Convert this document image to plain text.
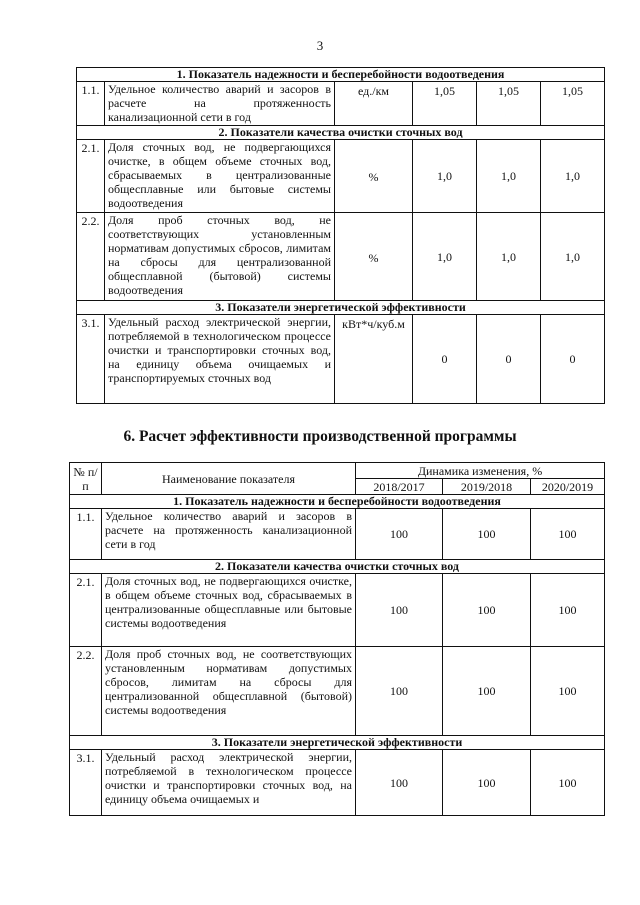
3
1. Показатель надежности и бесперебойности водоотведения					
1.1.	Удельное количество аварий и засоров в расчете на протяженность канализационной сети в год	ед./км	1,05	1,05	1,05
2. Показатели качества очистки сточных вод					
2.1.	Доля сточных вод, не подвергающихся очистке, в общем объеме сточных вод, сбрасываемых в централизованные общесплавные или бытовые системы водоотведения	%	1,0	1,0	1,0
2.2.	Доля проб сточных вод, не соответствующих установленным нормативам допустимых сбросов, лимитам на сбросы для централизованной общесплавной (бытовой) системы водоотведения	%	1,0	1,0	1,0
3. Показатели энергетической эффективности					
3.1.	Удельный расход электрической энергии, потребляемой в технологическом процессе очистки и транспортировки сточных вод, на единицу объема очищаемых и транспортируемых сточных вод	кВт*ч/куб.м	0	0	0
6. Расчет эффективности производственной программы
№ п/п	Наименование показателя	Динамика изменения, %		
		2018/2017	2019/2018	2020/2019
1. Показатель надежности и бесперебойности водоотведения				
1.1.	Удельное количество аварий и засоров в расчете на протяженность канализационной сети в год	100	100	100
2. Показатели качества очистки сточных вод				
2.1.	Доля сточных вод, не подвергающихся очистке, в общем объеме сточных вод, сбрасываемых в централизованные общесплавные или бытовые системы водоотведения	100	100	100
2.2.	Доля проб сточных вод, не соответствующих установленным нормативам допустимых сбросов, лимитам на сбросы для централизованной общесплавной (бытовой) системы водоотведения	100	100	100
3. Показатели энергетической эффективности				
3.1.	Удельный расход электрической энергии, потребляемой в технологическом процессе очистки и транспортировки сточных вод, на единицу объема очищаемых и	100	100	100
